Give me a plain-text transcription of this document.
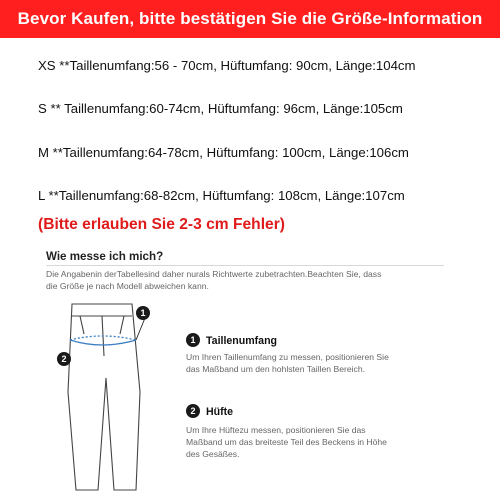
Bevor Kaufen, bitte bestätigen Sie die Größe-Information
XS **Taillenumfang:56 - 70cm, Hüftumfang: 90cm, Länge:104cm
S ** Taillenumfang:60-74cm, Hüftumfang: 96cm, Länge:105cm
M **Taillenumfang:64-78cm, Hüftumfang: 100cm, Länge:106cm
L **Taillenumfang:68-82cm, Hüftumfang: 108cm, Länge:107cm
(Bitte erlauben Sie 2-3 cm Fehler)
Wie messe ich mich?
Die Angabenin derTabellesind daher nurals Richtwerte zubetrachten.Beachten Sie, dass
die Größe je nach Modell abweichen kann.
1
2
1 Taillenumfang
Um Ihren Taillenumfang zu messen, positionieren Sie
das Maßband um den hohlsten Taillen Bereich.
2 Hüfte
Um Ihre Hüftezu messen, positionieren Sie das
Maßband um das breiteste Teil des Beckens in Höhe
des Gesäßes.
